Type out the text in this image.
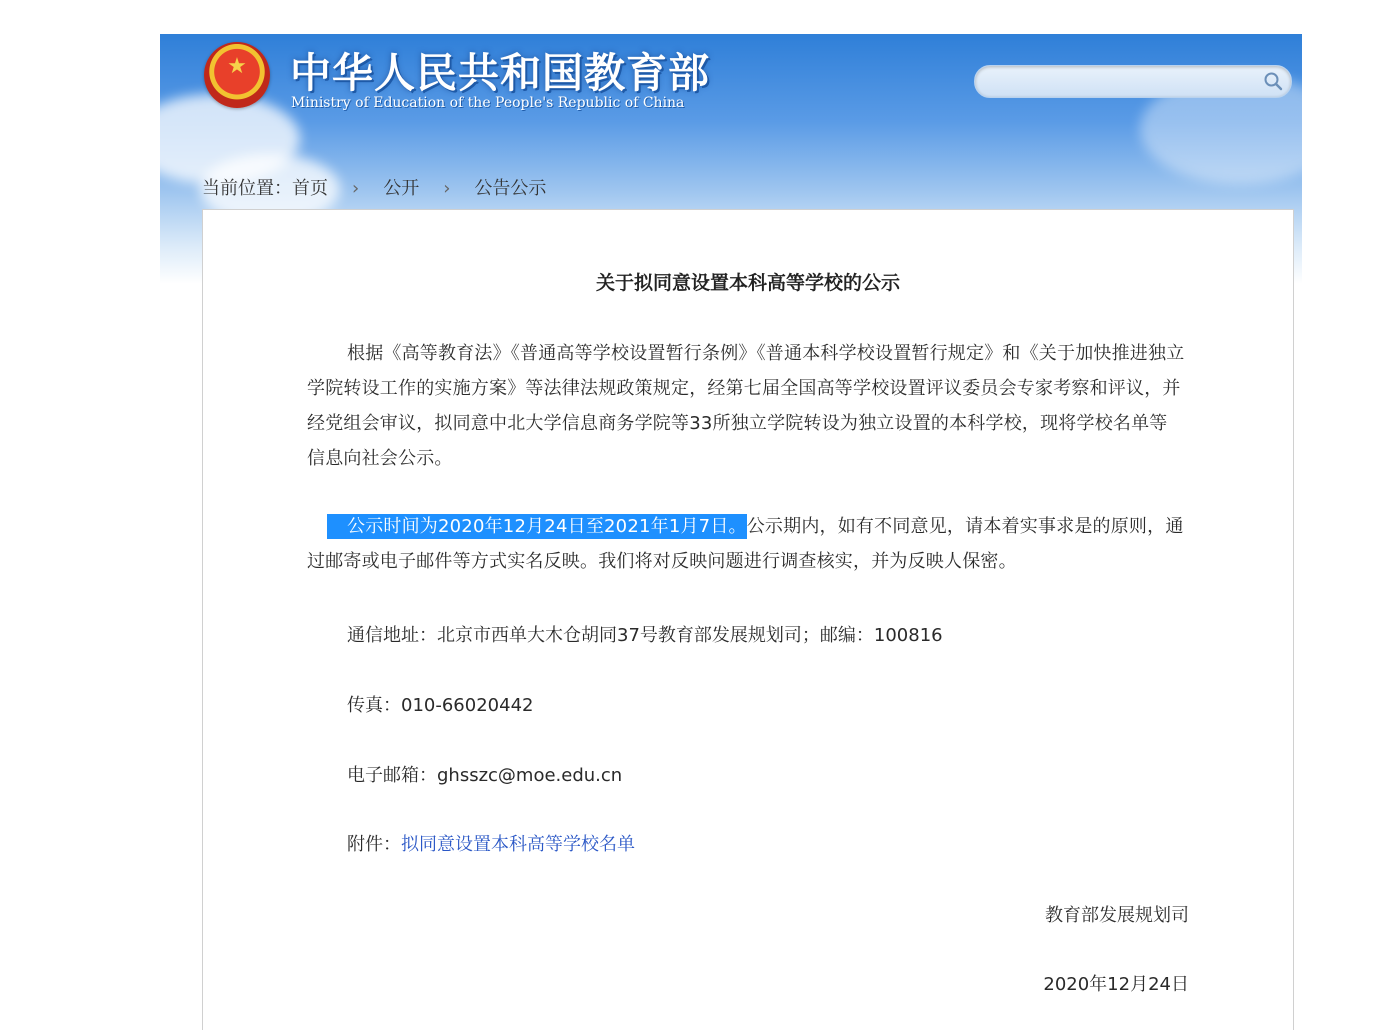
★ 中华人民共和国教育部
Ministry of Education of the People's Republic of China
当前位置：首页 › 公开 › 公告公示
关于拟同意设置本科高等学校的公示

根据《高等教育法》《普通高等学校设置暂行条例》《普通本科学校设置暂行规定》和《关于加快推进独立学院转设工作的实施方案》等法律法规政策规定，经第七届全国高等学校设置评议委员会专家考察和评议，并经党组会审议，拟同意中北大学信息商务学院等33所独立学院转设为独立设置的本科学校，现将学校名单等信息向社会公示。

公示时间为2020年12月24日至2021年1月7日。公示期内，如有不同意见，请本着实事求是的原则，通过邮寄或电子邮件等方式实名反映。我们将对反映问题进行调查核实，并为反映人保密。

通信地址：北京市西单大木仓胡同37号教育部发展规划司；邮编：100816
传真：010-66020442
电子邮箱：ghsszc@moe.edu.cn
附件：拟同意设置本科高等学校名单
教育部发展规划司
2020年12月24日
